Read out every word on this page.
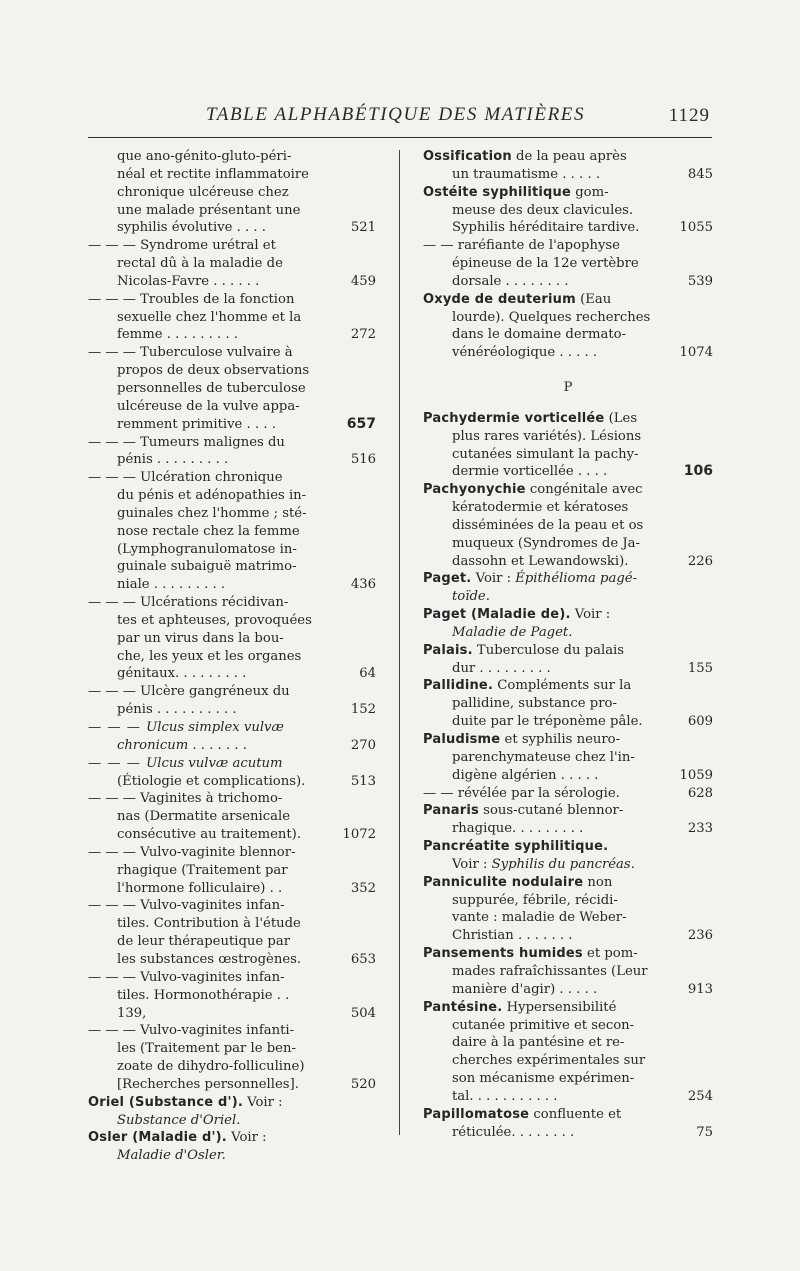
TABLE ALPHABÉTIQUE DES MATIÈRES	1129
que ano-génito-gluto-péri-
néal et rectite inflammatoire
chronique ulcéreuse chez
une malade présentant une
syphilis évolutive . . . .	521
— — — Syndrome urétral et
rectal dû à la maladie de
Nicolas-Favre . . . . . .	459
— — — Troubles de la fonction
sexuelle chez l'homme et la
femme . . . . . . . . .	272
— — — Tuberculose vulvaire à
propos de deux observations
personnelles de tuberculose
ulcéreuse de la vulve appa-
remment primitive . . . .	657
— — — Tumeurs malignes du
pénis . . . . . . . . .	516
— — — Ulcération chronique
du pénis et adénopathies in-
guinales chez l'homme ; sté-
nose rectale chez la femme
(Lymphogranulomatose in-
guinale subaiguë matrimo-
niale . . . . . . . . .	436
— — — Ulcérations récidivan-
tes et aphteuses, provoquées
par un virus dans la bou-
che, les yeux et les organes
génitaux. . . . . . . . .	64
— — — Ulcère gangréneux du
pénis . . . . . . . . . .	152
— — — Ulcus simplex vulvæ
chronicum . . . . . . .	270
— — — Ulcus vulvæ acutum
(Étiologie et complications).	513
— — — Vaginites à trichomo-
nas (Dermatite arsenicale
consécutive au traitement).	1072
— — — Vulvo-vaginite blennor-
rhagique (Traitement par
l'hormone folliculaire) . .	352
— — — Vulvo-vaginites infan-
tiles. Contribution à l'étude
de leur thérapeutique par
les substances œstrogènes.	653
— — — Vulvo-vaginites infan-
tiles. Hormonothérapie . .
139,	504
— — — Vulvo-vaginites infanti-
les (Traitement par le ben-
zoate de dihydro-folliculine)
[Recherches personnelles].	520
Oriel (Substance d'). Voir :
Substance d'Oriel.
Osler (Maladie d'). Voir :
Maladie d'Osler.
Ossification de la peau après
un traumatisme . . . . .	845
Ostéite syphilitique gom-
meuse des deux clavicules.
Syphilis héréditaire tardive.	1055
— — raréfiante de l'apophyse
épineuse de la 12e vertèbre
dorsale . . . . . . . .	539
Oxyde de deuterium (Eau
lourde). Quelques recherches
dans le domaine dermato-
vénéréologique . . . . .	1074
P
Pachydermie vorticellée (Les
plus rares variétés). Lésions
cutanées simulant la pachy-
dermie vorticellée . . . .	106
Pachyonychie congénitale avec
kératodermie et kératoses
disséminées de la peau et os
muqueux (Syndromes de Ja-
dassohn et Lewandowski).	226
Paget. Voir : Épithélioma pagé-
toïde.
Paget (Maladie de). Voir :
Maladie de Paget.
Palais. Tuberculose du palais
dur . . . . . . . . .	155
Pallidine. Compléments sur la
pallidine, substance pro-
duite par le tréponème pâle.	609
Paludisme et syphilis neuro-
parenchymateuse chez l'in-
digène algérien . . . . .	1059
— — révélée par la sérologie.	628
Panaris sous-cutané blennor-
rhagique. . . . . . . . .	233
Pancréatite syphilitique.
Voir : Syphilis du pancréas.
Panniculite nodulaire non
suppurée, fébrile, récidi-
vante : maladie de Weber-
Christian . . . . . . .	236
Pansements humides et pom-
mades rafraîchissantes (Leur
manière d'agir) . . . . .	913
Pantésine. Hypersensibilité
cutanée primitive et secon-
daire à la pantésine et re-
cherches expérimentales sur
son mécanisme expérimen-
tal. . . . . . . . . . .	254
Papillomatose confluente et
réticulée. . . . . . . .	75
